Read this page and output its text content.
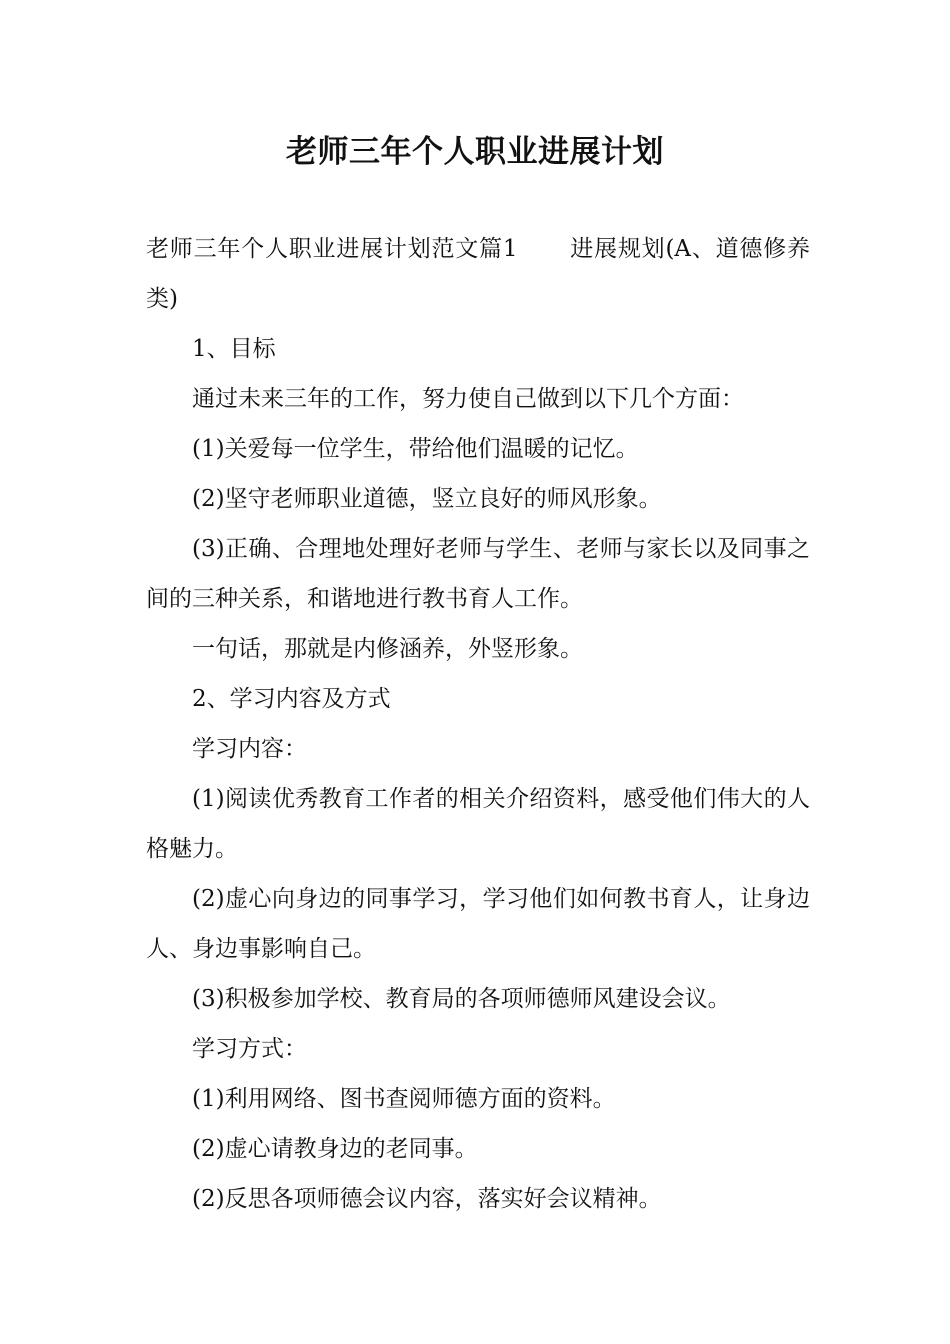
老师三年个人职业进展计划

老师三年个人职业进展计划范文篇1 进展规划(A、道德修养类)

1、目标

通过未来三年的工作，努力使自己做到以下几个方面：

(1)关爱每一位学生，带给他们温暖的记忆。

(2)坚守老师职业道德，竖立良好的师风形象。

(3)正确、合理地处理好老师与学生、老师与家长以及同事之间的三种关系，和谐地进行教书育人工作。

一句话，那就是内修涵养，外竖形象。

2、学习内容及方式

学习内容：

(1)阅读优秀教育工作者的相关介绍资料，感受他们伟大的人格魅力。

(2)虚心向身边的同事学习，学习他们如何教书育人，让身边人、身边事影响自己。

(3)积极参加学校、教育局的各项师德师风建设会议。

学习方式：

(1)利用网络、图书查阅师德方面的资料。

(2)虚心请教身边的老同事。

(2)反思各项师德会议内容，落实好会议精神。
